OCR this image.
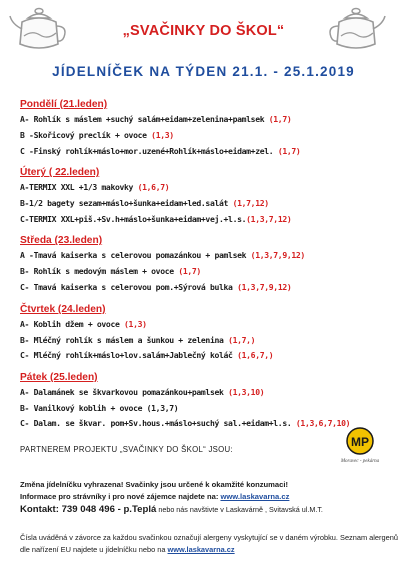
„SVAČINKY DO ŠKOL“
JÍDELNÍČEK NA TÝDEN 21.1. - 25.1.2019
Pondělí (21.leden)
A- Rohlík s máslem +suchý salám+eidam+zelenina+pamlsek (1,7)
B -Skořicový preclík + ovoce (1,3)
C -Finský rohlík+máslo+mor.uzené+Rohlík+máslo+eidam+zel. (1,7)
Úterý ( 22.leden)
A-TERMIX XXL +1/3 makovky (1,6,7)
B-1/2 bagety sezam+máslo+šunka+eidam+led.salát (1,7,12)
C-TERMIX XXL+piš.+Sv.h+máslo+šunka+eidam+vej.+l.s.(1,3,7,12)
Středa (23.leden)
A -Tmavá kaiserka s celerovou pomazánkou + pamlsek (1,3,7,9,12)
B- Rohlík s medovým máslem + ovoce (1,7)
C- Tmavá kaiserka s celerovou pom.+Sýrová bulka (1,3,7,9,12)
Čtvrtek (24.leden)
A- Koblih džem + ovoce (1,3)
B- Mléčný rohlík s máslem a šunkou + zelenina (1,7,)
C- Mléčný rohlík+máslo+lov.salám+Jablečný koláč (1,6,7,)
Pátek (25.leden)
A- Dalamánek se škvarkovou pomazánkou+pamlsek (1,3,10)
B- Vanilkový koblih + ovoce (1,3,7)
C- Dalam. se škvar. pom+Sv.hous.+máslo+suchý sal.+eidam+l.s. (1,3,6,7,10)
PARTNEREM PROJEKTU „SVAČINKY DO ŠKOL“ JSOU:
MP
Moravec - pekárna
Změna jídelníčku vyhrazena! Svačinky jsou určené k okamžité konzumaci!
Informace pro strávníky i pro nové zájemce najdete na: www.laskavarna.cz
Kontakt: 739 048 496 - p.Teplá nebo nás navštivte v Laskavárně , Svitavská ul.M.T.
Čísla uváděná v závorce za každou svačinkou označují alergeny vyskytující se v daném výrobku. Seznam alergenů dle nařízení EU najdete u jídelníčku nebo na www.laskavarna.cz
